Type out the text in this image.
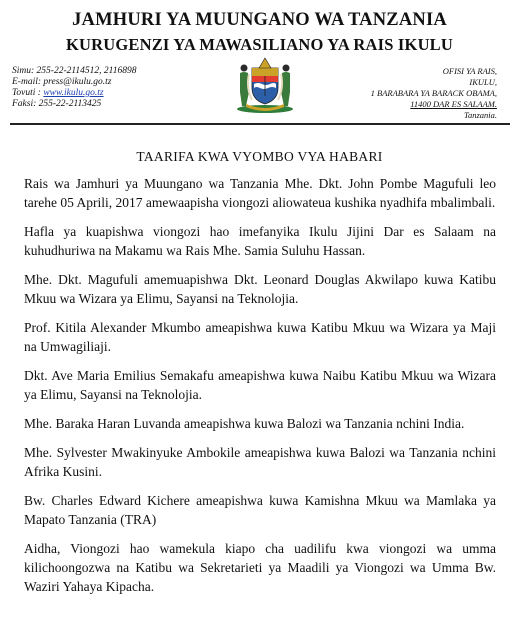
JAMHURI YA MUUNGANO WA TANZANIA
KURUGENZI YA MAWASILIANO YA RAIS IKULU
Simu: 255-22-2114512, 2116898
E-mail: press@ikulu.go.tz
Tovuti : www.ikulu.go.tz
Faksi: 255-22-2113425
OFISI YA RAIS,
IKULU,
1 BARABARA YA BARACK OBAMA,
11400 DAR ES SALAAM.
Tanzania.
TAARIFA KWA VYOMBO VYA HABARI

Rais wa Jamhuri ya Muungano wa Tanzania Mhe. Dkt. John Pombe Magufuli leo tarehe 05 Aprili, 2017 amewaapisha viongozi aliowateua kushika nyadhifa mbalimbali.

Hafla ya kuapishwa viongozi hao imefanyika Ikulu Jijini Dar es Salaam na kuhudhuriwa na Makamu wa Rais Mhe. Samia Suluhu Hassan.

Mhe. Dkt. Magufuli amemuapishwa Dkt. Leonard Douglas Akwilapo kuwa Katibu Mkuu wa Wizara ya Elimu, Sayansi na Teknolojia.

Prof. Kitila Alexander Mkumbo ameapishwa kuwa Katibu Mkuu wa Wizara ya Maji na Umwagiliaji.

Dkt. Ave Maria Emilius Semakafu ameapishwa kuwa Naibu Katibu Mkuu wa Wizara ya Elimu, Sayansi na Teknolojia.

Mhe. Baraka Haran Luvanda ameapishwa kuwa Balozi wa Tanzania nchini India.

Mhe. Sylvester Mwakinyuke Ambokile ameapishwa kuwa Balozi wa Tanzania nchini Afrika Kusini.

Bw. Charles Edward Kichere ameapishwa kuwa Kamishna Mkuu wa Mamlaka ya Mapato Tanzania (TRA)

Aidha, Viongozi hao wamekula kiapo cha uadilifu kwa viongozi wa umma kilichoongozwa na Katibu wa Sekretarieti ya Maadili ya Viongozi wa Umma Bw. Waziri Yahaya Kipacha.
